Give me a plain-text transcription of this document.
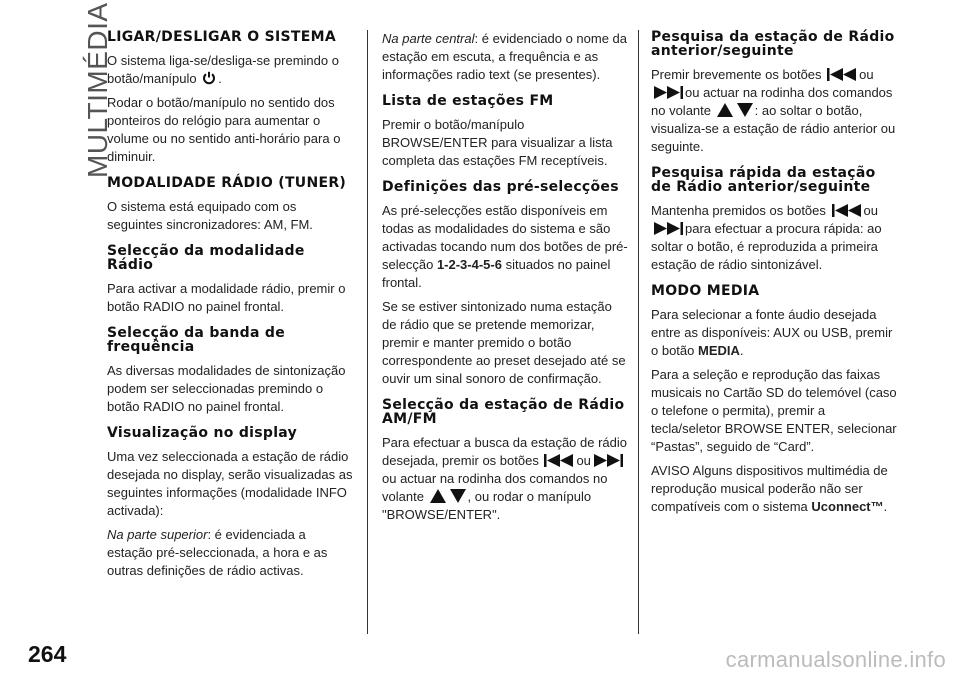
MULTIMÉDIA
LIGAR/DESLIGAR O SISTEMA

O sistema liga-se/desliga-se premindo o botão/manípulo .

Rodar o botão/manípulo no sentido dos ponteiros do relógio para aumentar o volume ou no sentido anti-horário para o diminuir.

MODALIDADE RÁDIO (TUNER)

O sistema está equipado com os seguintes sincronizadores: AM, FM.

Selecção da modalidade Rádio

Para activar a modalidade rádio, premir o botão RADIO no painel frontal.

Selecção da banda de frequência

As diversas modalidades de sintonização podem ser seleccionadas premindo o botão RADIO no painel frontal.

Visualização no display

Uma vez seleccionada a estação de rádio desejada no display, serão visualizadas as seguintes informações (modalidade INFO activada):

Na parte superior: é evidenciada a estação pré-seleccionada, a hora e as outras definições de rádio activas.

Na parte central: é evidenciado o nome da estação em escuta, a frequência e as informações radio text (se presentes).

Lista de estações FM

Premir o botão/manípulo BROWSE/ENTER para visualizar a lista completa das estações FM receptíveis.

Definições das pré-selecções

As pré-selecções estão disponíveis em todas as modalidades do sistema e são activadas tocando num dos botões de pré-selecção 1-2-3-4-5-6 situados no painel frontal.

Se se estiver sintonizado numa estação de rádio que se pretende memorizar, premir e manter premido o botão correspondente ao preset desejado até se ouvir um sinal sonoro de confirmação.

Selecção da estação de Rádio AM/FM

Para efectuar a busca da estação de rádio desejada, premir os botões	ouou actuar na rodinha dos comandos no volante	, ou rodar o manípulo "BROWSE/ENTER".

Pesquisa da estação de Rádio anterior/seguinte

Premir brevemente os botões	ou ou actuar na rodinha dos comandos no volante	: ao soltar o botão, visualiza-se a estação de rádio anterior ou seguinte.

Pesquisa rápida da estação de Rádio anterior/seguinte

Mantenha premidos os botões	ou para efectuar a procura rápida: ao soltar o botão, é reproduzida a primeira estação de rádio sintonizável.

MODO MEDIA

Para selecionar a fonte áudio desejada entre as disponíveis: AUX ou USB, premir o botão MEDIA.

Para a seleção e reprodução das faixas musicais no Cartão SD do telemóvel (caso o telefone o permita), premir a tecla/seletor BROWSE ENTER, selecionar “Pastas”, seguido de “Card”.

AVISO Alguns dispositivos multimédia de reprodução musical poderão não ser compatíveis com o sistema Uconnect™.

264	carmanualsonline.info
